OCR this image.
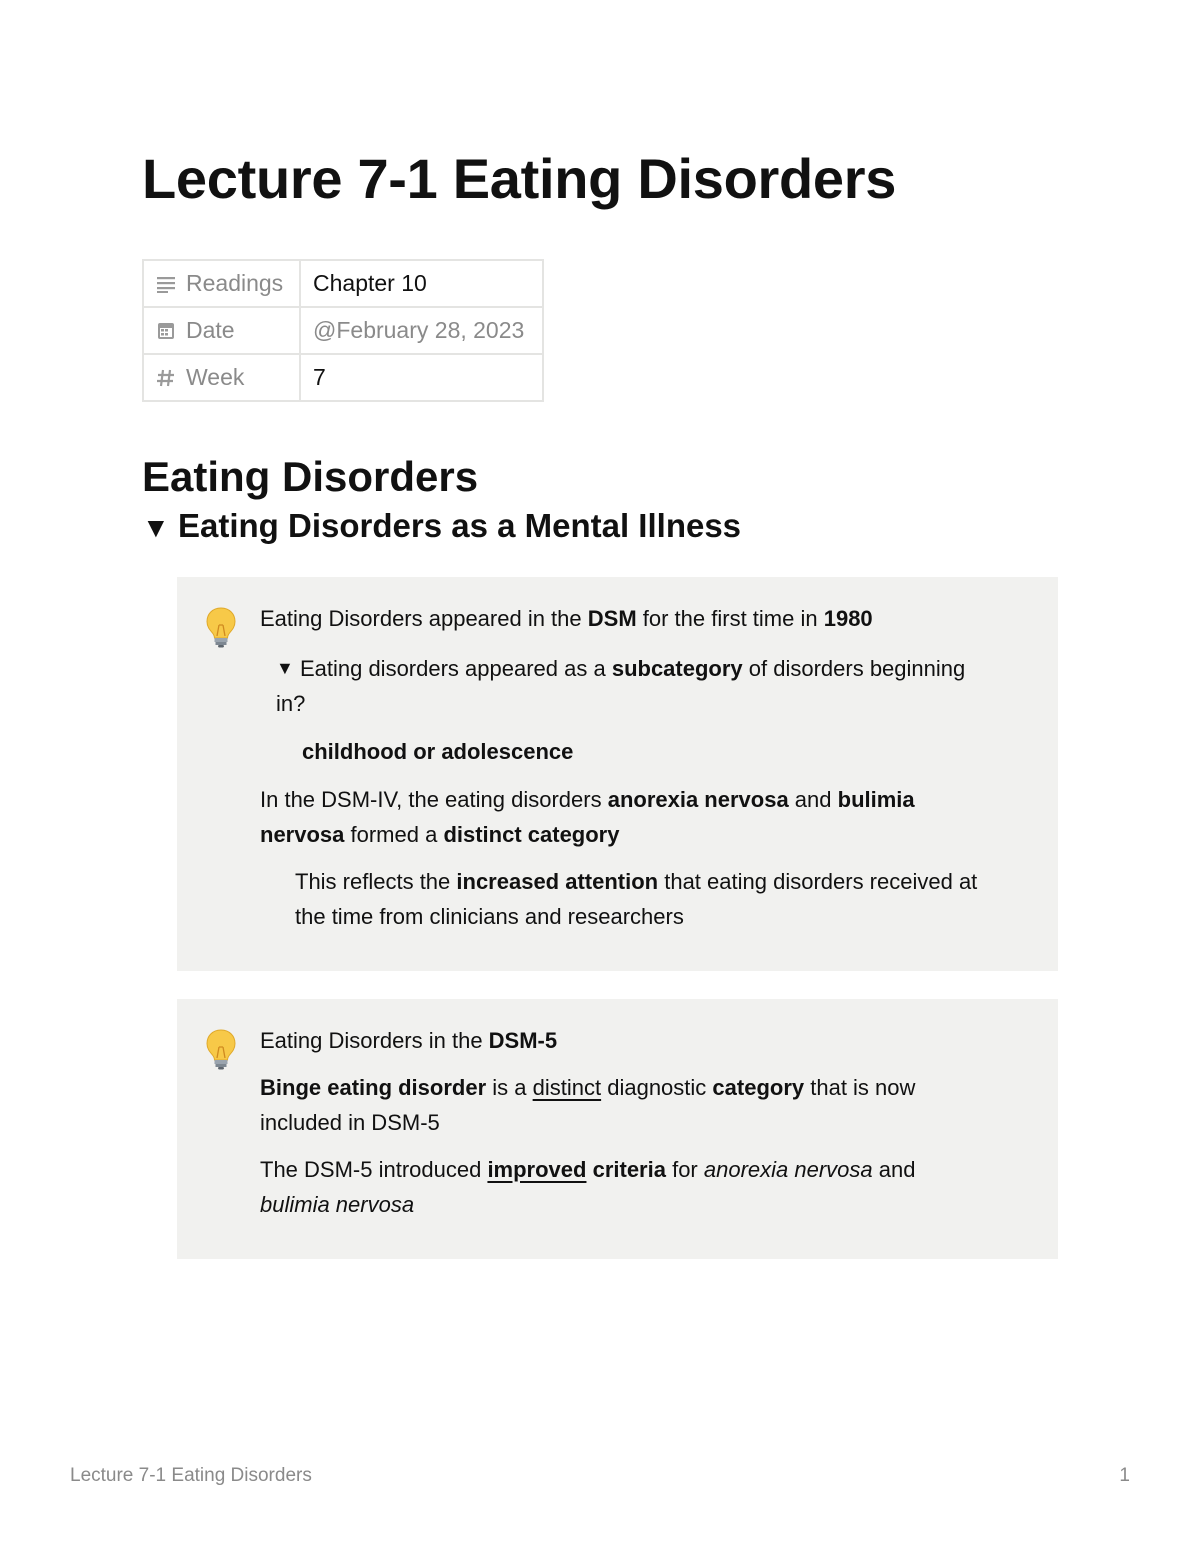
Lecture 7-1 Eating Disorders
Readings	Chapter 10
Date	@February 28, 2023
Week	7
Eating Disorders
▼ Eating Disorders as a Mental Illness

Eating Disorders appeared in the DSM for the first time in 1980

▼ Eating disorders appeared as a subcategory of disorders beginning

in?

childhood or adolescence

In the DSM-IV, the eating disorders anorexia nervosa and bulimia

nervosa formed a distinct category

This reflects the increased attention that eating disorders received at

the time from clinicians and researchers

Eating Disorders in the DSM-5

Binge eating disorder is a distinct diagnostic category that is now

included in DSM-5

The DSM-5 introduced improved criteria for anorexia nervosa and

bulimia nervosa

Lecture 7-1 Eating Disorders	1
